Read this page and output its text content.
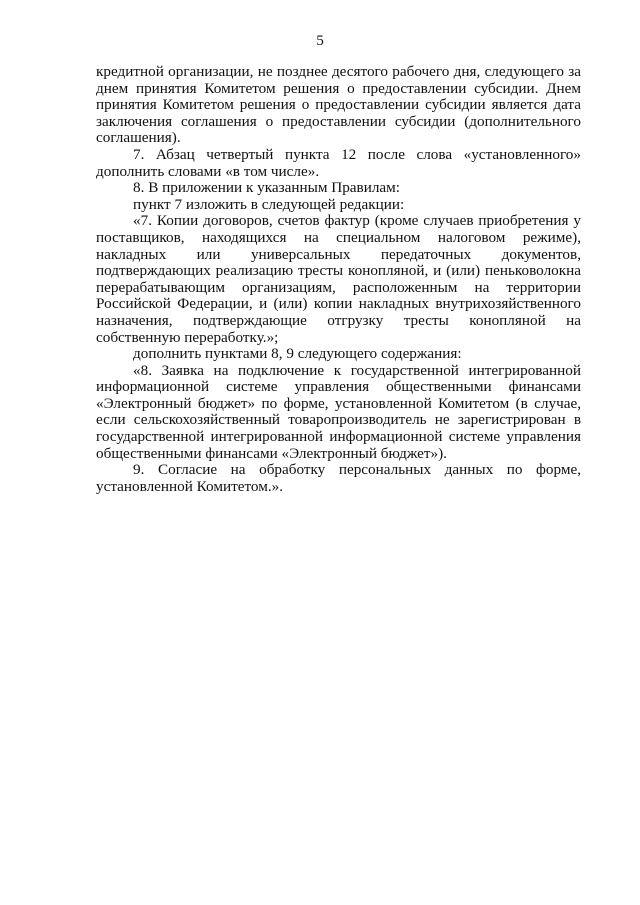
5

кредитной организации, не позднее десятого рабочего дня, следующего за днем принятия Комитетом решения о предоставлении субсидии. Днем принятия Комитетом решения о предоставлении субсидии является дата заключения соглашения о предоставлении субсидии (дополнительного соглашения).

7. Абзац четвертый пункта 12 после слова «установленного» дополнить словами «в том числе».

8. В приложении к указанным Правилам:

пункт 7 изложить в следующей редакции:

«7. Копии договоров, счетов фактур (кроме случаев приобретения у поставщиков, находящихся на специальном налоговом режиме), накладных или универсальных передаточных документов, подтверждающих реализацию тресты конопляной, и (или) пеньковолокна перерабатывающим организациям, расположенным на территории Российской Федерации, и (или) копии накладных внутрихозяйственного назначения, подтверждающие отгрузку тресты конопляной на собственную переработку.»;

дополнить пунктами 8, 9 следующего содержания:

«8. Заявка на подключение к государственной интегрированной информационной системе управления общественными финансами «Электронный бюджет» по форме, установленной Комитетом (в случае, если сельскохозяйственный товаропроизводитель не зарегистрирован в государственной интегрированной информационной системе управления общественными финансами «Электронный бюджет»).

9. Согласие на обработку персональных данных по форме, установленной Комитетом.».
